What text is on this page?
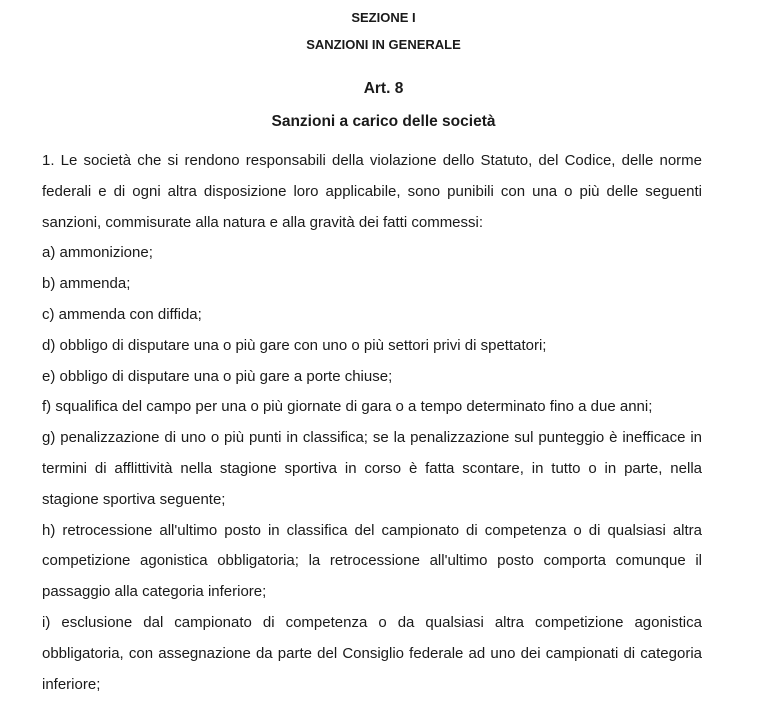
SEZIONE I
SANZIONI IN GENERALE
Art. 8
Sanzioni a carico delle società

1. Le società che si rendono responsabili della violazione dello Statuto, del Codice, delle norme federali e di ogni altra disposizione loro applicabile, sono punibili con una o più delle seguenti sanzioni, commisurate alla natura e alla gravità dei fatti commessi:

a) ammonizione;

b) ammenda;

c) ammenda con diffida;

d) obbligo di disputare una o più gare con uno o più settori privi di spettatori;

e) obbligo di disputare una o più gare a porte chiuse;

f) squalifica del campo per una o più giornate di gara o a tempo determinato fino a due anni;

g) penalizzazione di uno o più punti in classifica; se la penalizzazione sul punteggio è inefficace in termini di afflittività nella stagione sportiva in corso è fatta scontare, in tutto o in parte, nella stagione sportiva seguente;

h) retrocessione all'ultimo posto in classifica del campionato di competenza o di qualsiasi altra competizione agonistica obbligatoria; la retrocessione all'ultimo posto comporta comunque il passaggio alla categoria inferiore;

i) esclusione dal campionato di competenza o da qualsiasi altra competizione agonistica obbligatoria, con assegnazione da parte del Consiglio federale ad uno dei campionati di categoria inferiore;
